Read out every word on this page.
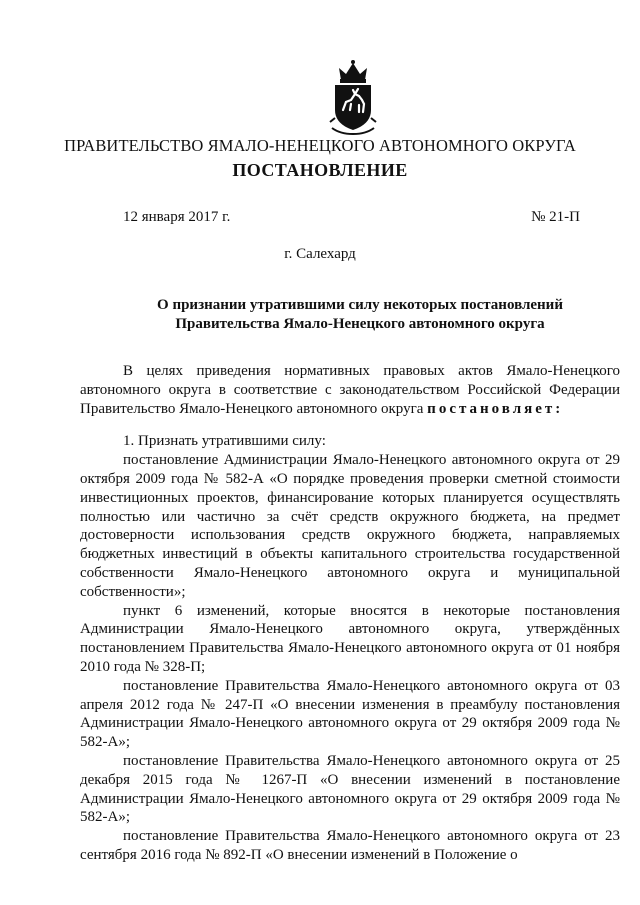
ПРАВИТЕЛЬСТВО ЯМАЛО-НЕНЕЦКОГО АВТОНОМНОГО ОКРУГА
ПОСТАНОВЛЕНИЕ
12 января 2017 г.	№ 21-П
г. Салехард
О признании утратившими силу некоторых постановлений
Правительства Ямало-Ненецкого автономного округа

В целях приведения нормативных правовых актов Ямало-Ненецкого автономного округа в соответствие с законодательством Российской Федерации Правительство Ямало-Ненецкого автономного округа постановляет:

1. Признать утратившими силу:

постановление Администрации Ямало-Ненецкого автономного округа от 29 октября 2009 года № 582-А «О порядке проведения проверки сметной стоимости инвестиционных проектов, финансирование которых планируется осуществлять полностью или частично за счёт средств окружного бюджета, на предмет достоверности использования средств окружного бюджета, направляемых бюджетных инвестиций в объекты капитального строительства государственной собственности Ямало-Ненецкого автономного округа и муниципальной собственности»;

пункт 6 изменений, которые вносятся в некоторые постановления Администрации Ямало-Ненецкого автономного округа, утверждённых постановлением Правительства Ямало-Ненецкого автономного округа от 01 ноября 2010 года № 328-П;

постановление Правительства Ямало-Ненецкого автономного округа от 03 апреля 2012 года № 247-П «О внесении изменения в преамбулу постановления Администрации Ямало-Ненецкого автономного округа от 29 октября 2009 года № 582-А»;

постановление Правительства Ямало-Ненецкого автономного округа от 25 декабря 2015 года № 1267-П «О внесении изменений в постановление Администрации Ямало-Ненецкого автономного округа от 29 октября 2009 года № 582-А»;

постановление Правительства Ямало-Ненецкого автономного округа от 23 сентября 2016 года № 892-П «О внесении изменений в Положение о
